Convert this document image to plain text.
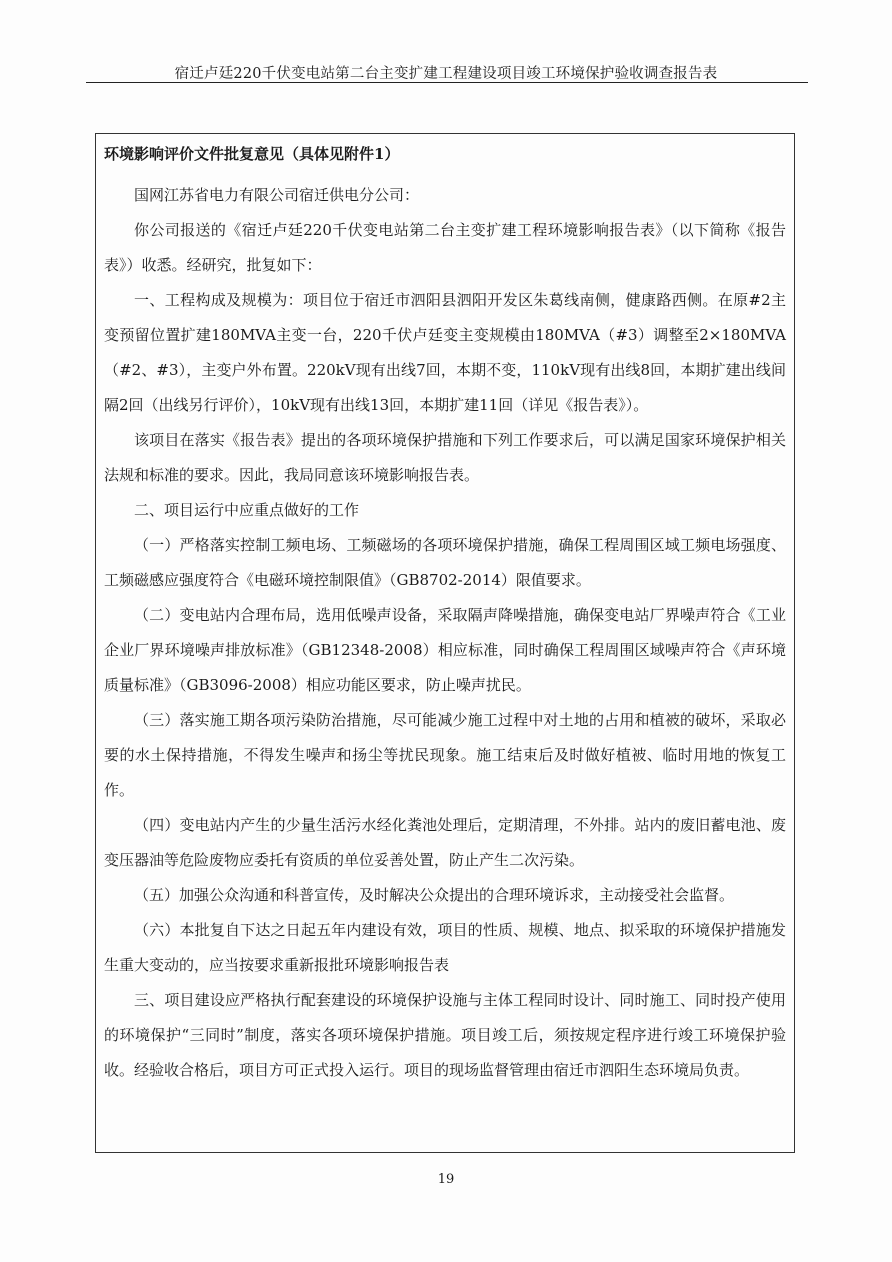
宿迁卢廷220千伏变电站第二台主变扩建工程建设项目竣工环境保护验收调查报告表
环境影响评价文件批复意见（具体见附件1）

国网江苏省电力有限公司宿迁供电分公司：

你公司报送的《宿迁卢廷220千伏变电站第二台主变扩建工程环境影响报告表》（以下简称《报告表》）收悉。经研究，批复如下：

一、工程构成及规模为：项目位于宿迁市泗阳县泗阳开发区朱葛线南侧，健康路西侧。在原#2主变预留位置扩建180MVA主变一台，220千伏卢廷变主变规模由180MVA（#3）调整至2×180MVA（#2、#3），主变户外布置。220kV现有出线7回，本期不变，110kV现有出线8回，本期扩建出线间隔2回（出线另行评价），10kV现有出线13回，本期扩建11回（详见《报告表》）。

该项目在落实《报告表》提出的各项环境保护措施和下列工作要求后，可以满足国家环境保护相关法规和标准的要求。因此，我局同意该环境影响报告表。

二、项目运行中应重点做好的工作

（一）严格落实控制工频电场、工频磁场的各项环境保护措施，确保工程周围区域工频电场强度、工频磁感应强度符合《电磁环境控制限值》（GB8702-2014）限值要求。

（二）变电站内合理布局，选用低噪声设备，采取隔声降噪措施，确保变电站厂界噪声符合《工业企业厂界环境噪声排放标准》（GB12348-2008）相应标准，同时确保工程周围区域噪声符合《声环境质量标准》（GB3096-2008）相应功能区要求，防止噪声扰民。

（三）落实施工期各项污染防治措施，尽可能减少施工过程中对土地的占用和植被的破坏，采取必要的水土保持措施，不得发生噪声和扬尘等扰民现象。施工结束后及时做好植被、临时用地的恢复工作。

（四）变电站内产生的少量生活污水经化粪池处理后，定期清理，不外排。站内的废旧蓄电池、废变压器油等危险废物应委托有资质的单位妥善处置，防止产生二次污染。

（五）加强公众沟通和科普宣传，及时解决公众提出的合理环境诉求，主动接受社会监督。

（六）本批复自下达之日起五年内建设有效，项目的性质、规模、地点、拟采取的环境保护措施发生重大变动的，应当按要求重新报批环境影响报告表

三、项目建设应严格执行配套建设的环境保护设施与主体工程同时设计、同时施工、同时投产使用的环境保护“三同时”制度，落实各项环境保护措施。项目竣工后，须按规定程序进行竣工环境保护验收。经验收合格后，项目方可正式投入运行。项目的现场监督管理由宿迁市泗阳生态环境局负责。

19
